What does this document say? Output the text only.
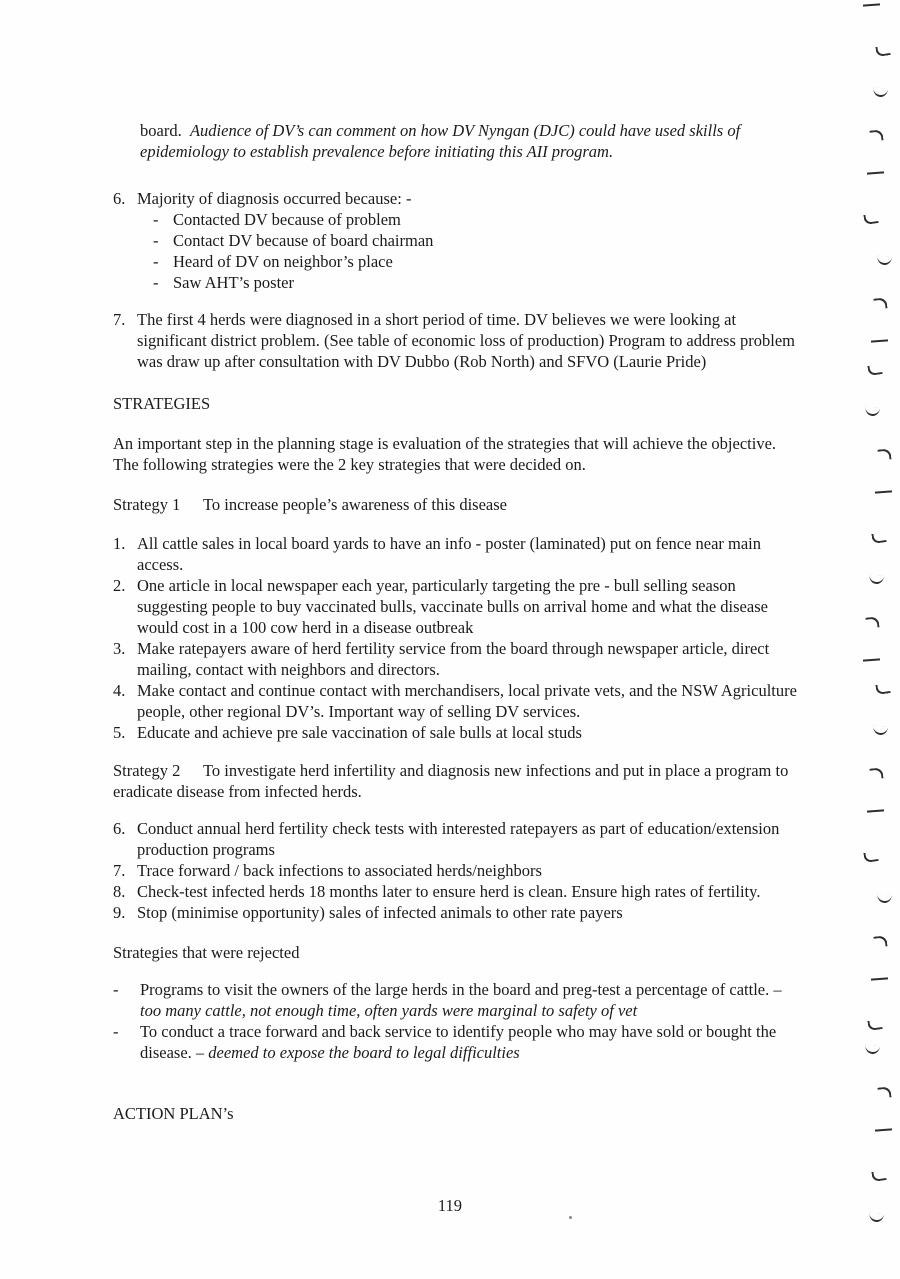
board. Audience of DV’s can comment on how DV Nyngan (DJC) could have used skills of epidemiology to establish prevalence before initiating this AII program.

6. Majority of diagnosis occurred because: -
- Contacted DV because of problem
- Contact DV because of board chairman
- Heard of DV on neighbor’s place
- Saw AHT’s poster
7. The first 4 herds were diagnosed in a short period of time. DV believes we were looking at significant district problem. (See table of economic loss of production) Program to address problem was draw up after consultation with DV Dubbo (Rob North) and SFVO (Laurie Pride)

STRATEGIES

An important step in the planning stage is evaluation of the strategies that will achieve the objective. The following strategies were the 2 key strategies that were decided on.

Strategy 1 To increase people’s awareness of this disease

1. All cattle sales in local board yards to have an info - poster (laminated) put on fence near main access.
2. One article in local newspaper each year, particularly targeting the pre - bull selling season suggesting people to buy vaccinated bulls, vaccinate bulls on arrival home and what the disease would cost in a 100 cow herd in a disease outbreak
3. Make ratepayers aware of herd fertility service from the board through newspaper article, direct mailing, contact with neighbors and directors.
4. Make contact and continue contact with merchandisers, local private vets, and the NSW Agriculture people, other regional DV’s. Important way of selling DV services.
5. Educate and achieve pre sale vaccination of sale bulls at local studs

Strategy 2 To investigate herd infertility and diagnosis new infections and put in place a program to eradicate disease from infected herds.

6. Conduct annual herd fertility check tests with interested ratepayers as part of education/extension production programs
7. Trace forward / back infections to associated herds/neighbors
8. Check-test infected herds 18 months later to ensure herd is clean. Ensure high rates of fertility.
9. Stop (minimise opportunity) sales of infected animals to other rate payers

Strategies that were rejected

-	Programs to visit the owners of the large herds in the board and preg-test a percentage of cattle. – too many cattle, not enough time, often yards were marginal to safety of vet
-	To conduct a trace forward and back service to identify people who may have sold or bought the disease. – deemed to expose the board to legal difficulties

ACTION PLAN’s

119
